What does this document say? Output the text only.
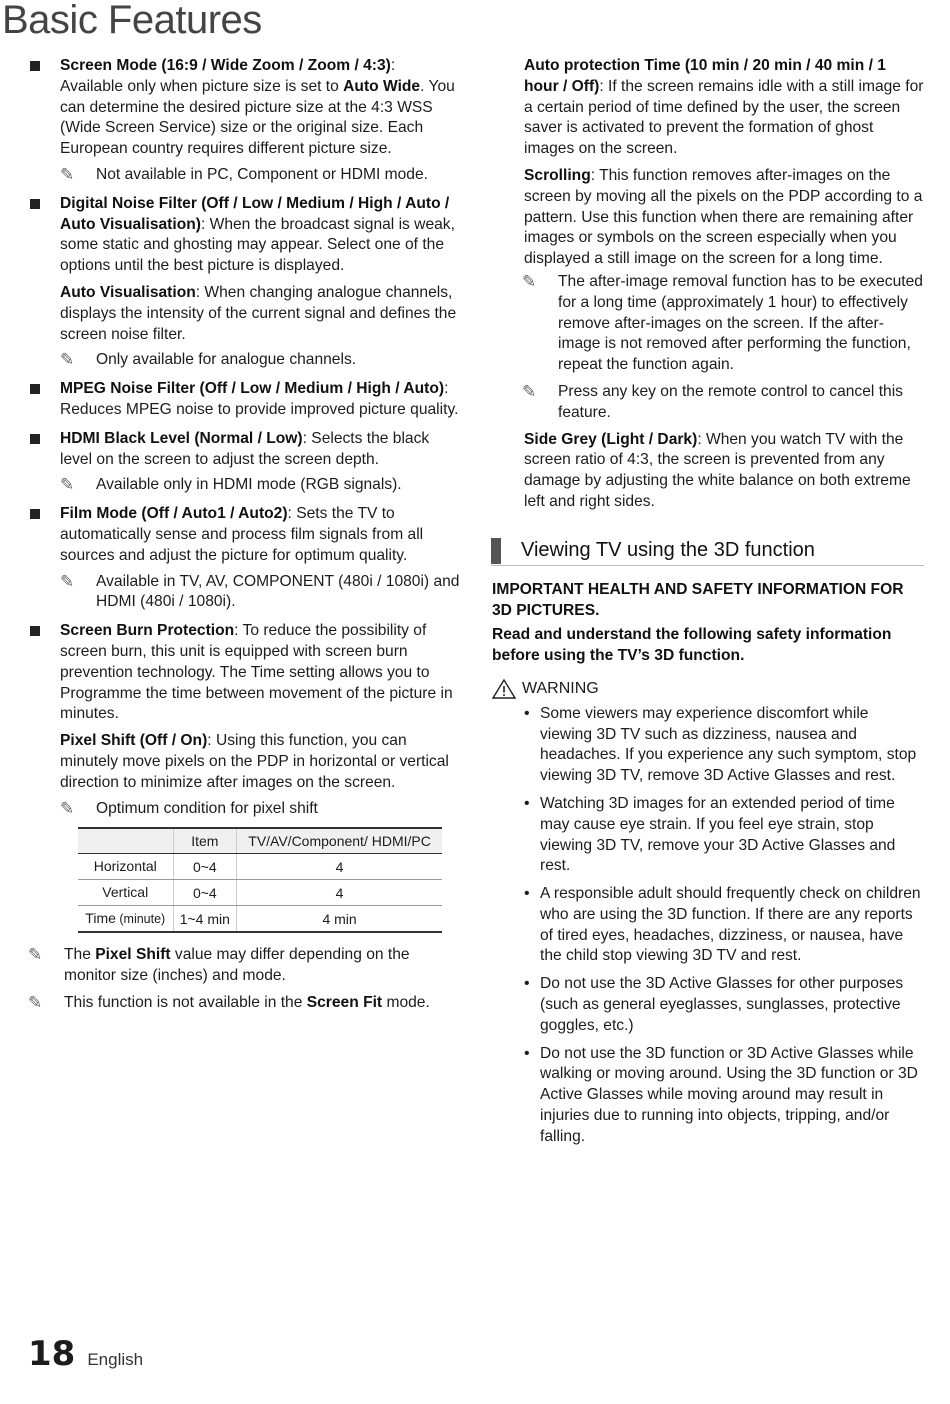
Basic Features

Screen Mode (16:9 / Wide Zoom / Zoom / 4:3): Available only when picture size is set to Auto Wide. You can determine the desired picture size at the 4:3 WSS (Wide Screen Service) size or the original size. Each European country requires different picture size.

✎ Not available in PC, Component or HDMI mode.

Digital Noise Filter (Off / Low / Medium / High / Auto / Auto Visualisation): When the broadcast signal is weak, some static and ghosting may appear. Select one of the options until the best picture is displayed.

Auto Visualisation: When changing analogue channels, displays the intensity of the current signal and defines the screen noise filter.

✎ Only available for analogue channels.

MPEG Noise Filter (Off / Low / Medium / High / Auto): Reduces MPEG noise to provide improved picture quality.

HDMI Black Level (Normal / Low): Selects the black level on the screen to adjust the screen depth.

✎ Available only in HDMI mode (RGB signals).

Film Mode (Off / Auto1 / Auto2): Sets the TV to automatically sense and process film signals from all sources and adjust the picture for optimum quality.

✎ Available in TV, AV, COMPONENT (480i / 1080i) and HDMI (480i / 1080i).

Screen Burn Protection: To reduce the possibility of screen burn, this unit is equipped with screen burn prevention technology. The Time setting allows you to Programme the time between movement of the picture in minutes.

Pixel Shift (Off / On): Using this function, you can minutely move pixels on the PDP in horizontal or vertical direction to minimize after images on the screen.

✎ Optimum condition for pixel shift
	Item	TV/AV/Component/ HDMI/PC
Horizontal	0~4	4
Vertical	0~4	4
Time (minute)	1~4 min	4 min
✎ The Pixel Shift value may differ depending on the monitor size (inches) and mode.
✎ This function is not available in the Screen Fit mode.

Auto protection Time (10 min / 20 min / 40 min / 1 hour / Off): If the screen remains idle with a still image for a certain period of time defined by the user, the screen saver is activated to prevent the formation of ghost images on the screen.

Scrolling: This function removes after-images on the screen by moving all the pixels on the PDP according to a pattern. Use this function when there are remaining after images or symbols on the screen especially when you displayed a still image on the screen for a long time.

✎ The after-image removal function has to be executed for a long time (approximately 1 hour) to effectively remove after-images on the screen. If the after-image is not removed after performing the function, repeat the function again.
✎ Press any key on the remote control to cancel this feature.

Side Grey (Light / Dark): When you watch TV with the screen ratio of 4:3, the screen is prevented from any damage by adjusting the white balance on both extreme left and right sides.

Viewing TV using the 3D function

IMPORTANT HEALTH AND SAFETY INFORMATION FOR 3D PICTURES.

Read and understand the following safety information before using the TV’s 3D function.

WARNING
• Some viewers may experience discomfort while viewing 3D TV such as dizziness, nausea and headaches. If you experience any such symptom, stop viewing 3D TV, remove 3D Active Glasses and rest.
• Watching 3D images for an extended period of time may cause eye strain. If you feel eye strain, stop viewing 3D TV, remove your 3D Active Glasses and rest.
• A responsible adult should frequently check on children who are using the 3D function. If there are any reports of tired eyes, headaches, dizziness, or nausea, have the child stop viewing 3D TV and rest.
• Do not use the 3D Active Glasses for other purposes (such as general eyeglasses, sunglasses, protective goggles, etc.)
• Do not use the 3D function or 3D Active Glasses while walking or moving around. Using the 3D function or 3D Active Glasses while moving around may result in injuries due to running into objects, tripping, and/or falling.
18 English
